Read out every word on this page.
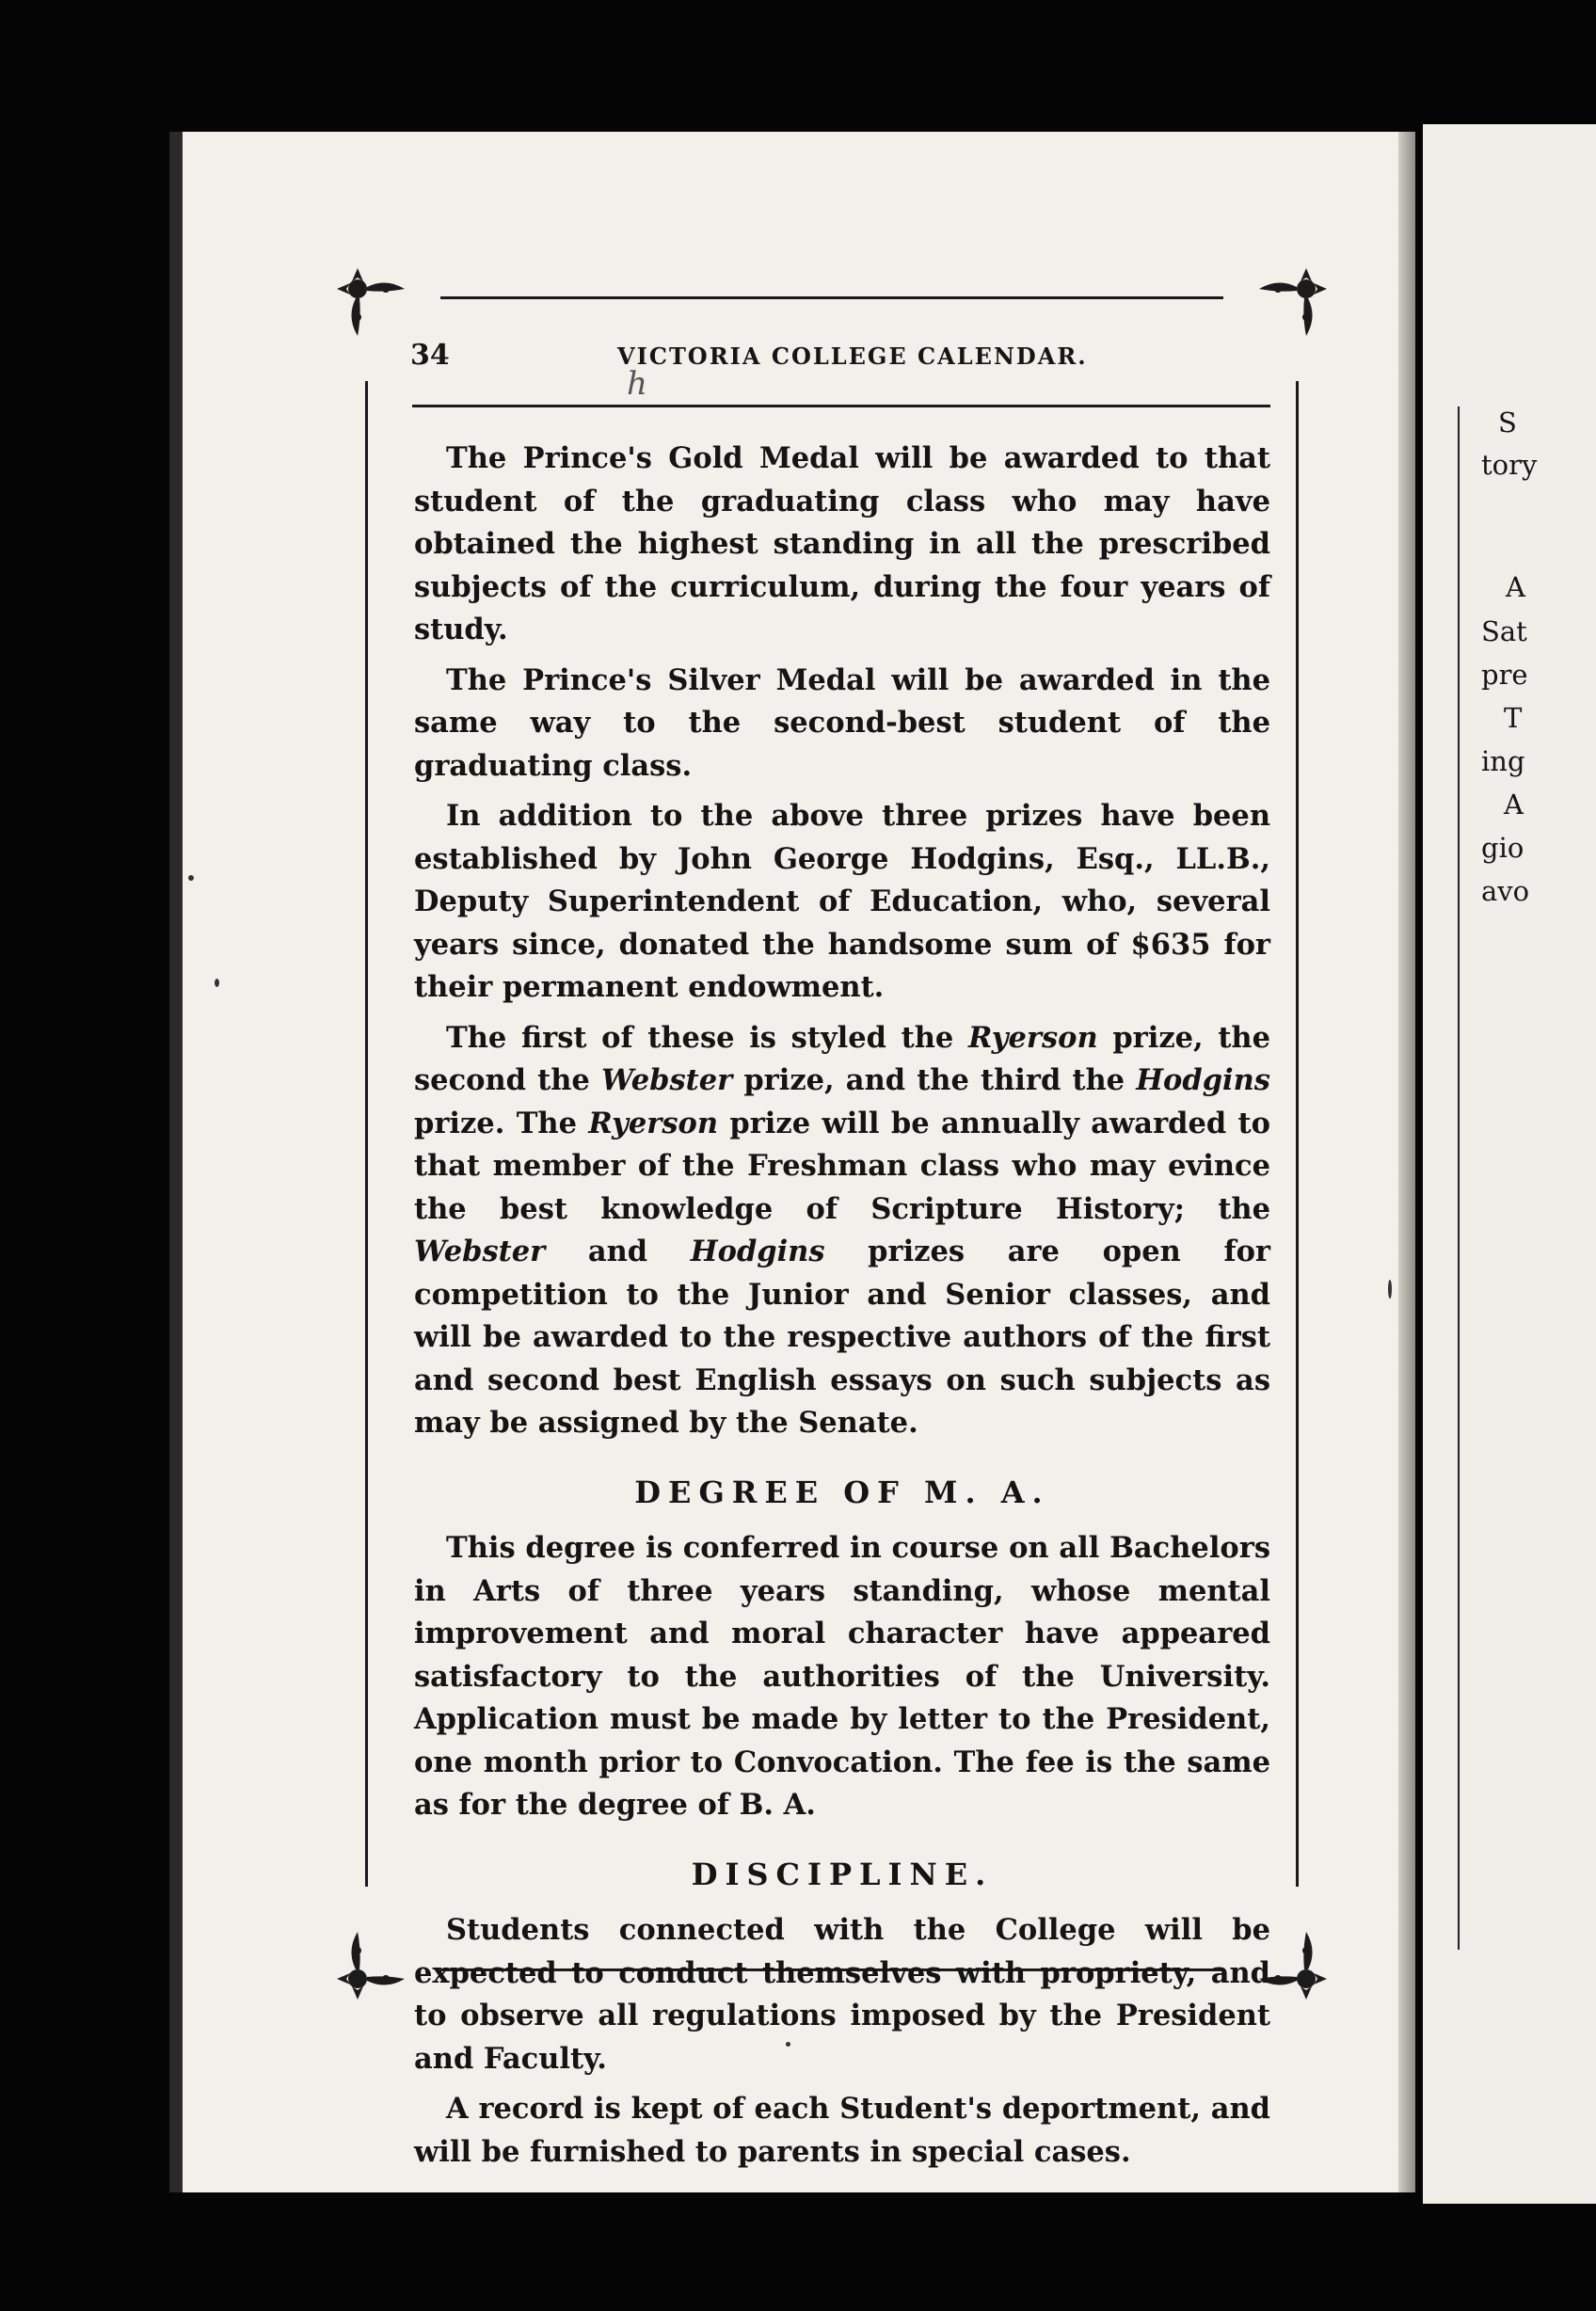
S
tory
A
Sat
pre
T
ing
A
gio
avo
34
h
VICTORIA COLLEGE CALENDAR.

The Prince's Gold Medal will be awarded to that student of the graduating class who may have obtained the highest standing in all the prescribed subjects of the curriculum, during the four years of study.

The Prince's Silver Medal will be awarded in the same way to the second-best student of the graduating class.

In addition to the above three prizes have been established by John George Hodgins, Esq., LL.B., Deputy Superintendent of Education, who, several years since, donated the handsome sum of $635 for their permanent endowment.

The first of these is styled the Ryerson prize, the second the Webster prize, and the third the Hodgins prize. The Ryerson prize will be annually awarded to that member of the Freshman class who may evince the best knowledge of Scripture History; the Webster and Hodgins prizes are open for competition to the Junior and Senior classes, and will be awarded to the respective authors of the first and second best English essays on such subjects as may be assigned by the Senate.

DEGREE OF M. A.

This degree is conferred in course on all Bachelors in Arts of three years standing, whose mental improvement and moral character have appeared satisfactory to the authorities of the University. Application must be made by letter to the President, one month prior to Convocation. The fee is the same as for the degree of B. A.

DISCIPLINE.

Students connected with the College will be expected to conduct themselves with propriety, and to observe all regulations imposed by the President and Faculty.

A record is kept of each Student's deportment, and will be furnished to parents in special cases.
